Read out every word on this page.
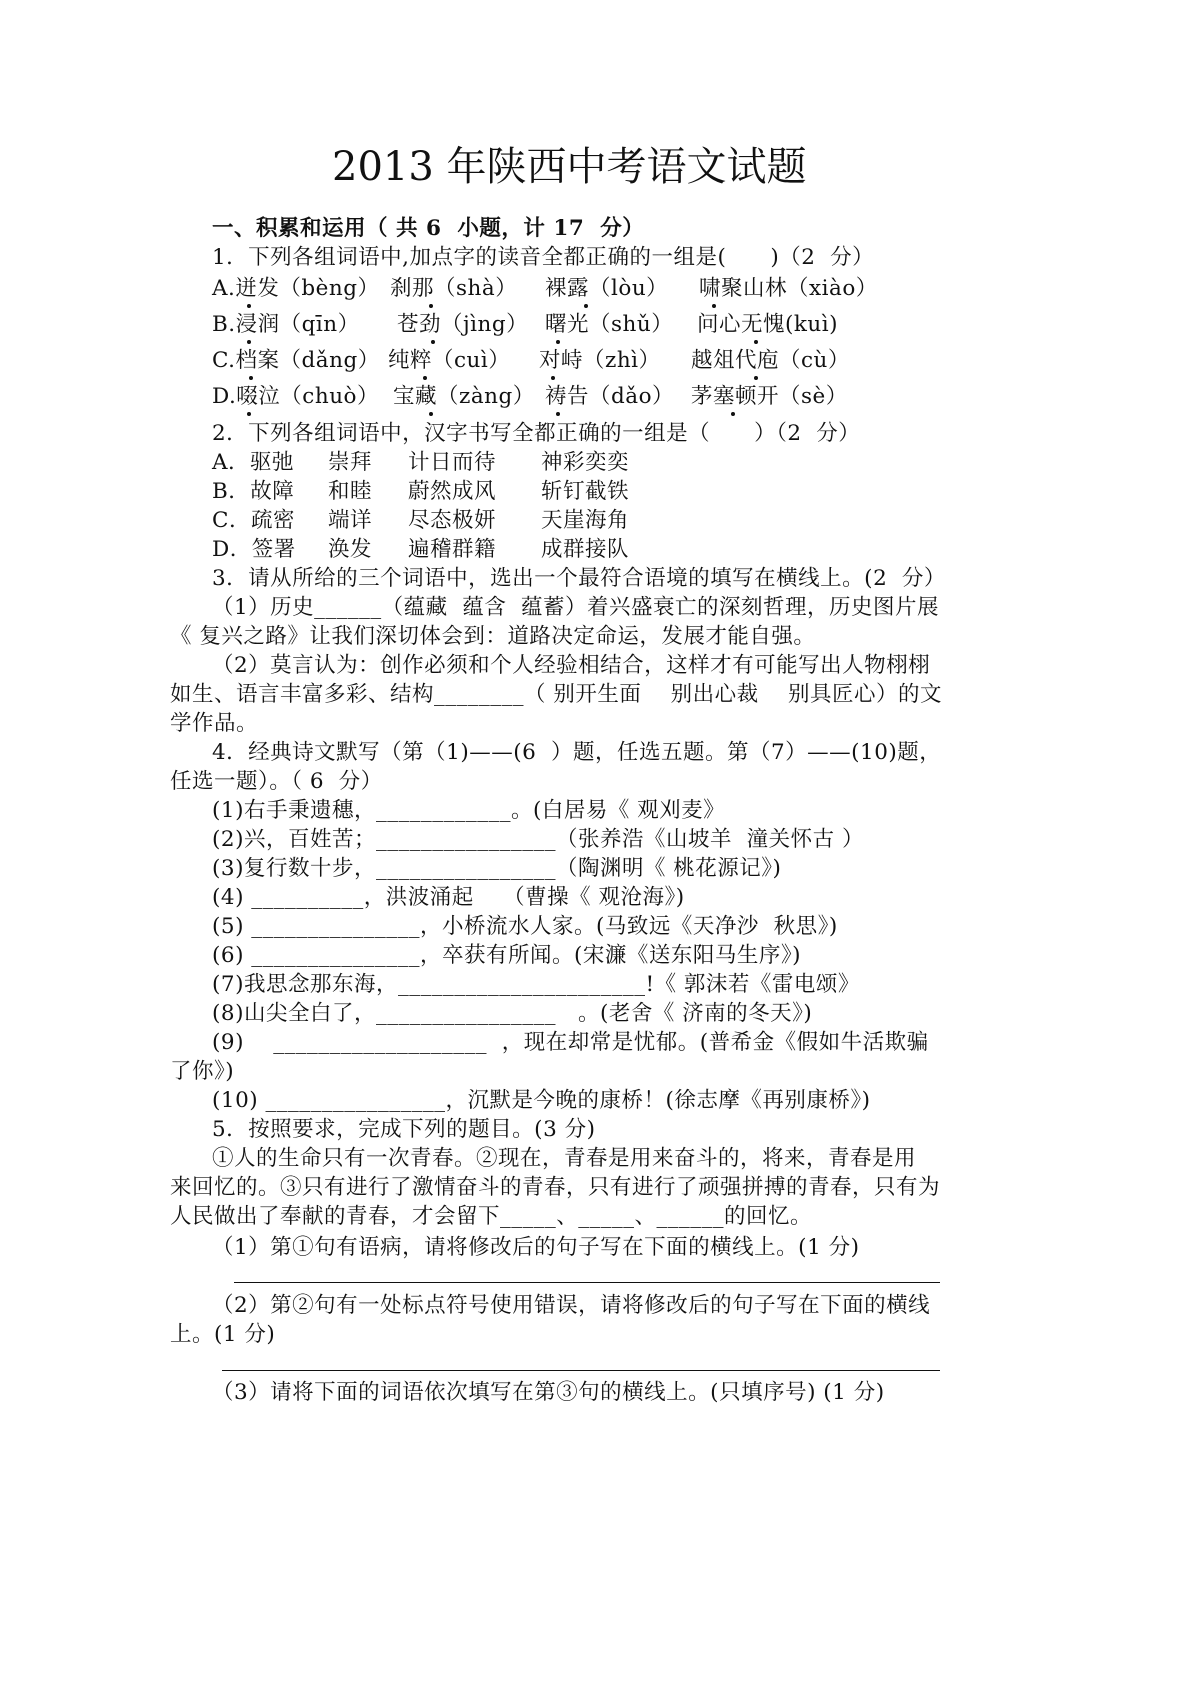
2013 年陕西中考语文试题
一、积累和运用（ 共 6  小题，计 17  分）
1．下列各组词语中,加点字的读音全都正确的一组是(　　)（2  分）
A.迸发（bèng） 刹那（shà） 裸露（lòu） 啸聚山林（xiào）
B.浸润（qīn） 苍劲（jìng） 曙光（shǔ） 问心无愧(kuì)
C.档案（dǎng） 纯粹（cuì） 对峙（zhì） 越俎代庖（cù）
D.啜泣（chuò） 宝藏（zàng） 祷告（dǎo） 茅塞顿开（sè）
2．下列各组词语中，汉字书写全都正确的一组是（　　）（2  分）
A．驱弛 崇拜 计日而待 神彩奕奕
B．故障 和睦 蔚然成风 斩钉截铁
C．疏密 端详 尽态极妍 天崖海角
D．签署 涣发 遍稽群籍 成群接队
3．请从所给的三个词语中，选出一个最符合语境的填写在横线上。(2  分）
（1）历史______（蕴藏  蕴含  蕴蓄）着兴盛衰亡的深刻哲理，历史图片展
《 复兴之路》让我们深切体会到：道路决定命运，发展才能自强。
（2）莫言认为：创作必须和个人经验相结合，这样才有可能写出人物栩栩
如生、语言丰富多彩、结构________（ 别开生面    别出心裁    别具匠心）的文
学作品。
4．经典诗文默写（第（1)——(6  ）题，任选五题。第（7）——(10)题，
任选一题）。（ 6  分）
(1)右手秉遗穗，____________。(白居易《 观刈麦》
(2)兴，百姓苦；________________（张养浩《山坡羊  潼关怀古 ）
(3)复行数十步，________________（陶渊明《 桃花源记》)
(4) __________，洪波涌起    （曹操《 观沧海》)
(5) _______________，小桥流水人家。(马致远《天净沙  秋思》)
(6) _______________，卒获有所闻。(宋濂《送东阳马生序》)
(7)我思念那东海，______________________!《 郭沫若《雷电颂》
(8)山尖全白了，________________   。(老舍《 济南的冬天》)
(9)    ___________________  ，现在却常是忧郁。(普希金《假如牛活欺骗
了你》)
(10) ________________，沉默是今晚的康桥！(徐志摩《再别康桥》)
5．按照要求，完成下列的题目。(3 分)
①人的生命只有一次青春。②现在，青春是用来奋斗的，将来，青春是用
来回忆的。③只有进行了激情奋斗的青春，只有进行了顽强拼搏的青春，只有为
人民做出了奉献的青春，才会留下_____、_____、______的回忆。
（1）第①句有语病，请将修改后的句子写在下面的横线上。(1 分)
（2）第②句有一处标点符号使用错误，请将修改后的句子写在下面的横线
上。(1 分)
（3）请将下面的词语依次填写在第③句的横线上。(只填序号) (1 分)
